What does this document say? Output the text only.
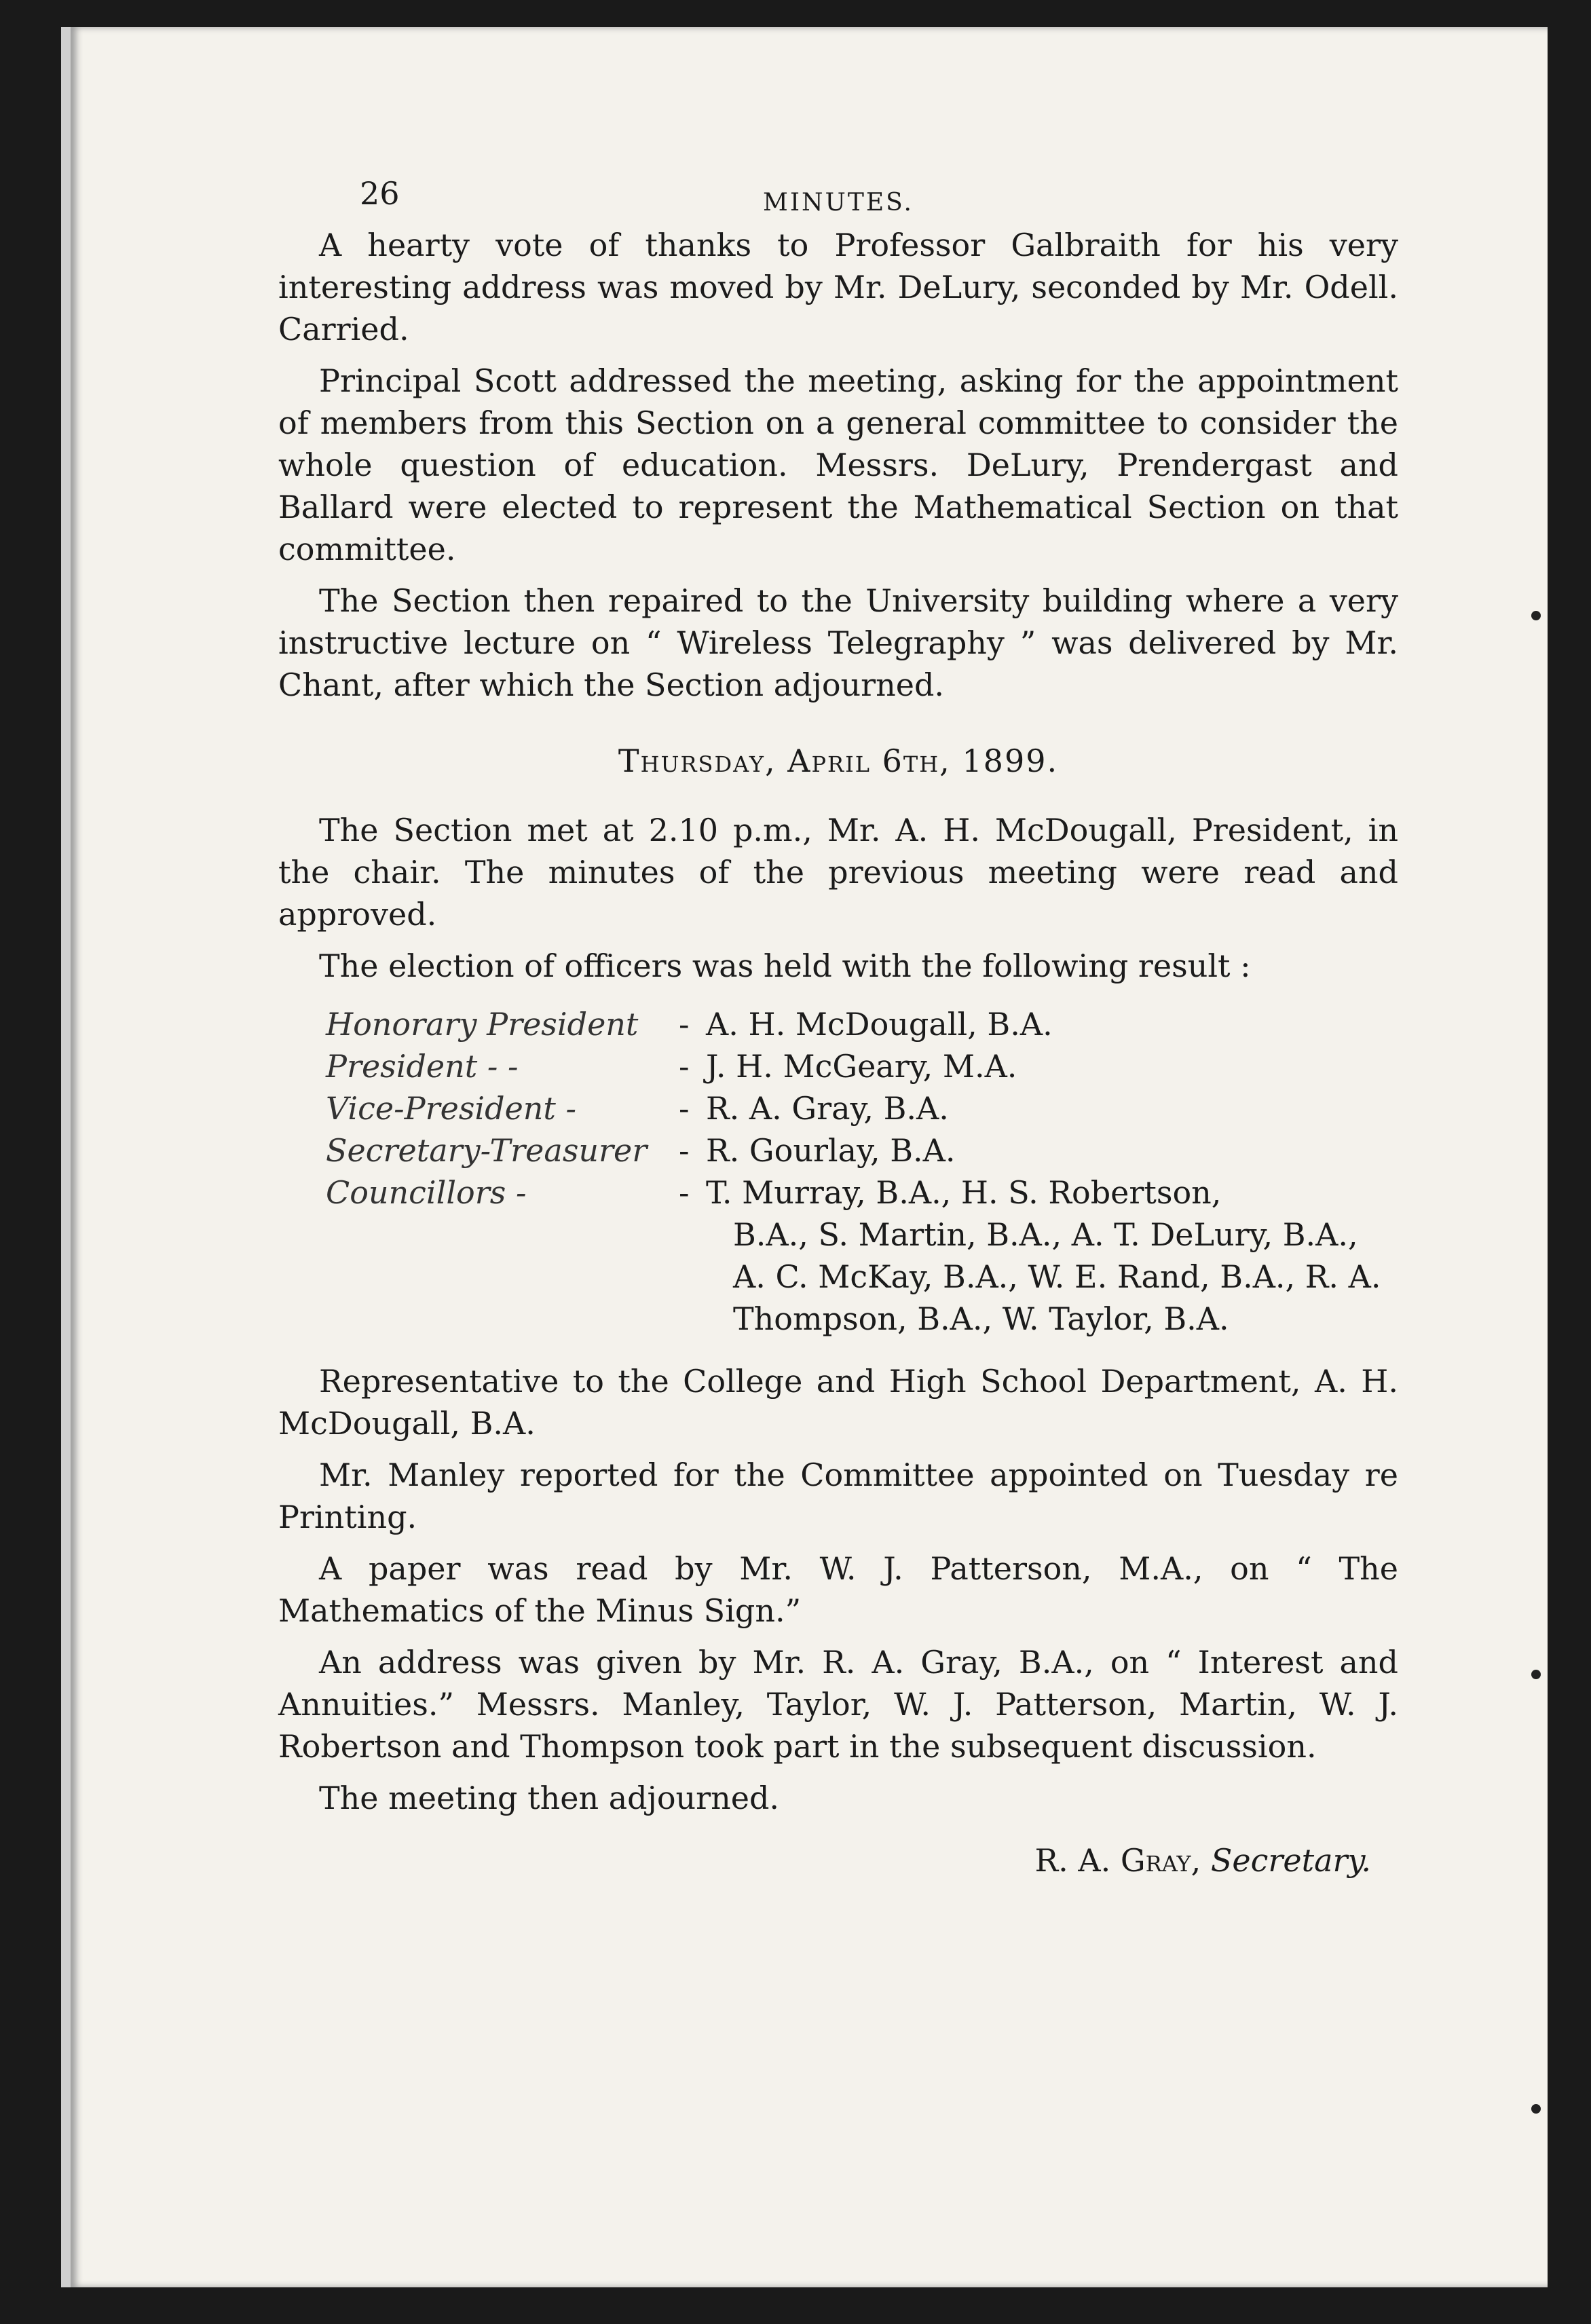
26	MINUTES.

A hearty vote of thanks to Professor Galbraith for his very interesting address was moved by Mr. DeLury, seconded by Mr. Odell. Carried.

Principal Scott addressed the meeting, asking for the appointment of members from this Section on a general committee to consider the whole question of education. Messrs. DeLury, Prendergast and Ballard were elected to represent the Mathematical Section on that committee.

The Section then repaired to the University building where a very instructive lecture on “ Wireless Telegraphy ” was delivered by Mr. Chant, after which the Section adjourned.

Thursday, April 6th, 1899.

The Section met at 2.10 p.m., Mr. A. H. McDougall, President, in the chair. The minutes of the previous meeting were read and approved.

The election of officers was held with the following result :

Honorary President	- A. H. McDougall, B.A.
President - -	- J. H. McGeary, M.A.
Vice-President -	- R. A. Gray, B.A.
Secretary-Treasurer	- R. Gourlay, B.A.
Councillors -	- T. Murray, B.A., H. S. Robertson,
B.A., S. Martin, B.A., A. T. DeLury, B.A., A. C. McKay, B.A., W. E. Rand, B.A., R. A. Thompson, B.A., W. Taylor, B.A.

Representative to the College and High School Department, A. H. McDougall, B.A.

Mr. Manley reported for the Committee appointed on Tuesday re Printing.

A paper was read by Mr. W. J. Patterson, M.A., on “ The Mathematics of the Minus Sign.”

An address was given by Mr. R. A. Gray, B.A., on “ Interest and Annuities.” Messrs. Manley, Taylor, W. J. Patterson, Martin, W. J. Robertson and Thompson took part in the subsequent discussion.

The meeting then adjourned.

R. A. Gray, Secretary.
